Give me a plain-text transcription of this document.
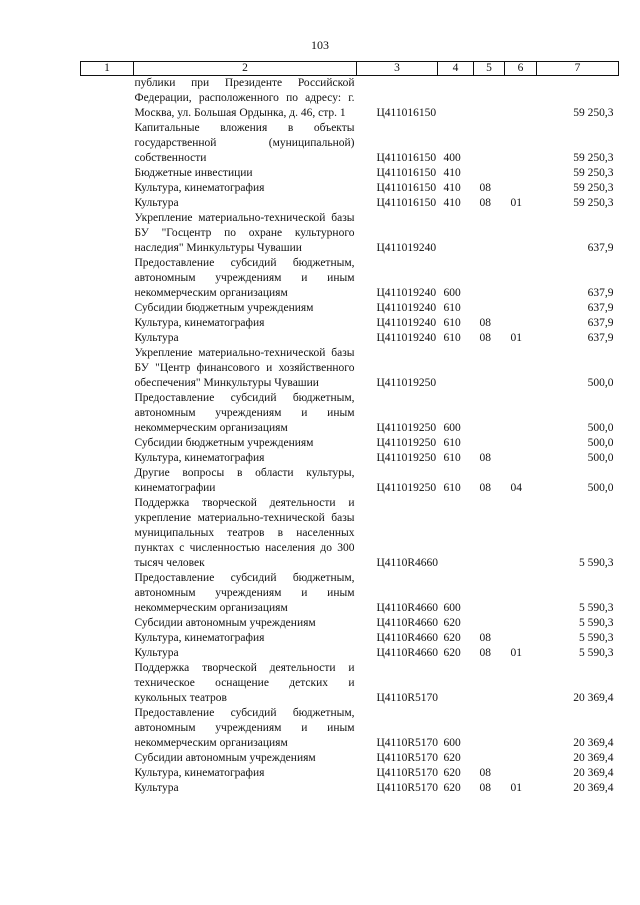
103
1	2	3	4	5	6	7
	публики при Президенте Российской Федерации, расположенного по адресу: г. Москва, ул. Большая Ордынка, д. 46, стр. 1	Ц411016150				59 250,3
	Капитальные вложения в объекты государственной (муниципальной) собственности	Ц411016150	400			59 250,3
	Бюджетные инвестиции	Ц411016150	410			59 250,3
	Культура, кинематография	Ц411016150	410	08		59 250,3
	Культура	Ц411016150	410	08	01	59 250,3
	Укрепление материально-технической базы БУ "Госцентр по охране культурного наследия" Минкультуры Чувашии	Ц411019240				637,9
	Предоставление субсидий бюджетным, автономным учреждениям и иным некоммерческим организациям	Ц411019240	600			637,9
	Субсидии бюджетным учреждениям	Ц411019240	610			637,9
	Культура, кинематография	Ц411019240	610	08		637,9
	Культура	Ц411019240	610	08	01	637,9
	Укрепление материально-технической базы БУ "Центр финансового и хозяйственного обеспечения" Минкультуры Чувашии	Ц411019250				500,0
	Предоставление субсидий бюджетным, автономным учреждениям и иным некоммерческим организациям	Ц411019250	600			500,0
	Субсидии бюджетным учреждениям	Ц411019250	610			500,0
	Культура, кинематография	Ц411019250	610	08		500,0
	Другие вопросы в области культуры, кинематографии	Ц411019250	610	08	04	500,0
	Поддержка творческой деятельности и укрепление материально-технической базы муниципальных театров в населенных пунктах с численностью населения до 300 тысяч человек	Ц4110R4660				5 590,3
	Предоставление субсидий бюджетным, автономным учреждениям и иным некоммерческим организациям	Ц4110R4660	600			5 590,3
	Субсидии автономным учреждениям	Ц4110R4660	620			5 590,3
	Культура, кинематография	Ц4110R4660	620	08		5 590,3
	Культура	Ц4110R4660	620	08	01	5 590,3
	Поддержка творческой деятельности и техническое оснащение детских и кукольных театров	Ц4110R5170				20 369,4
	Предоставление субсидий бюджетным, автономным учреждениям и иным некоммерческим организациям	Ц4110R5170	600			20 369,4
	Субсидии автономным учреждениям	Ц4110R5170	620			20 369,4
	Культура, кинематография	Ц4110R5170	620	08		20 369,4
	Культура	Ц4110R5170	620	08	01	20 369,4
